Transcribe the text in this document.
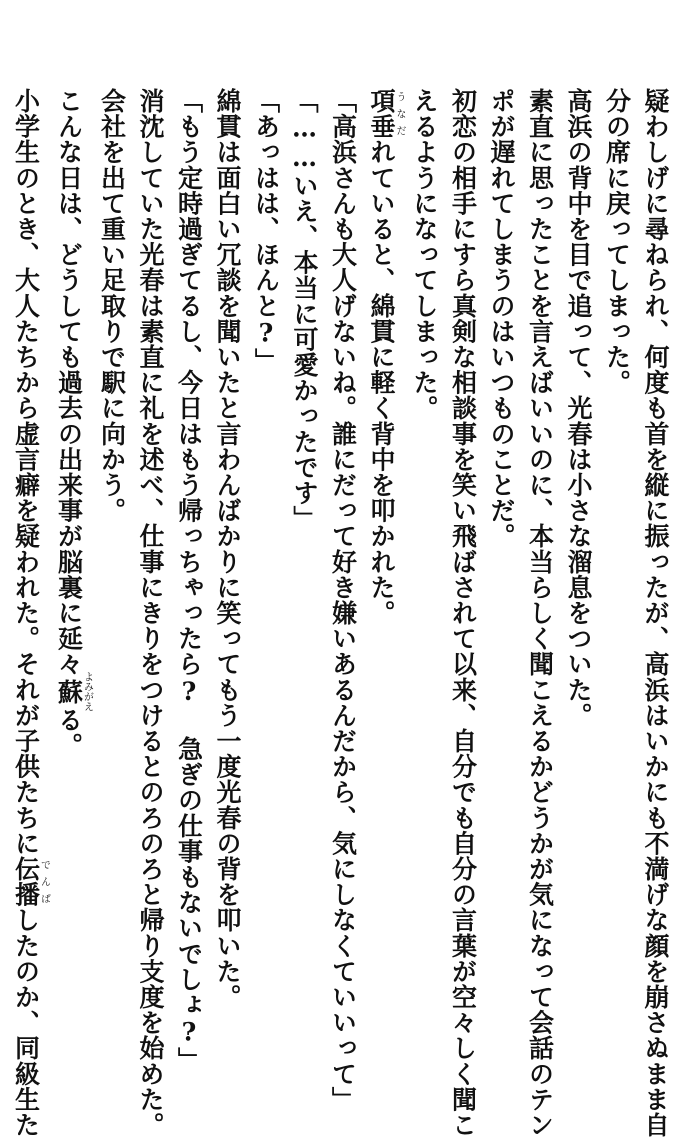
疑わしげに尋ねられ、何度も首を縦に振ったが、高浜はいかにも不満げな顔を崩さぬまま自
分の席に戻ってしまった。
高浜の背中を目で追って、光春は小さな溜息をついた。
素直に思ったことを言えばいいのに、本当らしく聞こえるかどうかが気になって会話のテン
ポが遅れてしまうのはいつものことだ。
初恋の相手にすら真剣な相談事を笑い飛ばされて以来、自分でも自分の言葉が空々しく聞こ
えるようになってしまった。
項垂うなだれていると、綿貫に軽く背中を叩かれた。
「高浜さんも大人げないね。誰にだって好き嫌いあるんだから、気にしなくていいって」
「……いえ、本当に可愛かったです」
「あっはは、ほんと?」
綿貫は面白い冗談を聞いたと言わんばかりに笑ってもう一度光春の背を叩いた。
「もう定時過ぎてるし、今日はもう帰っちゃったら? 急ぎの仕事もないでしょ?」
消沈していた光春は素直に礼を述べ、仕事にきりをつけるとのろのろと帰り支度を始めた。
会社を出て重い足取りで駅に向かう。
こんな日は、どうしても過去の出来事が脳裏に延々蘇よみがえる。
小学生のとき、大人たちから虚言癖を疑われた。それが子供たちに伝播でんぱしたのか、同級生た
